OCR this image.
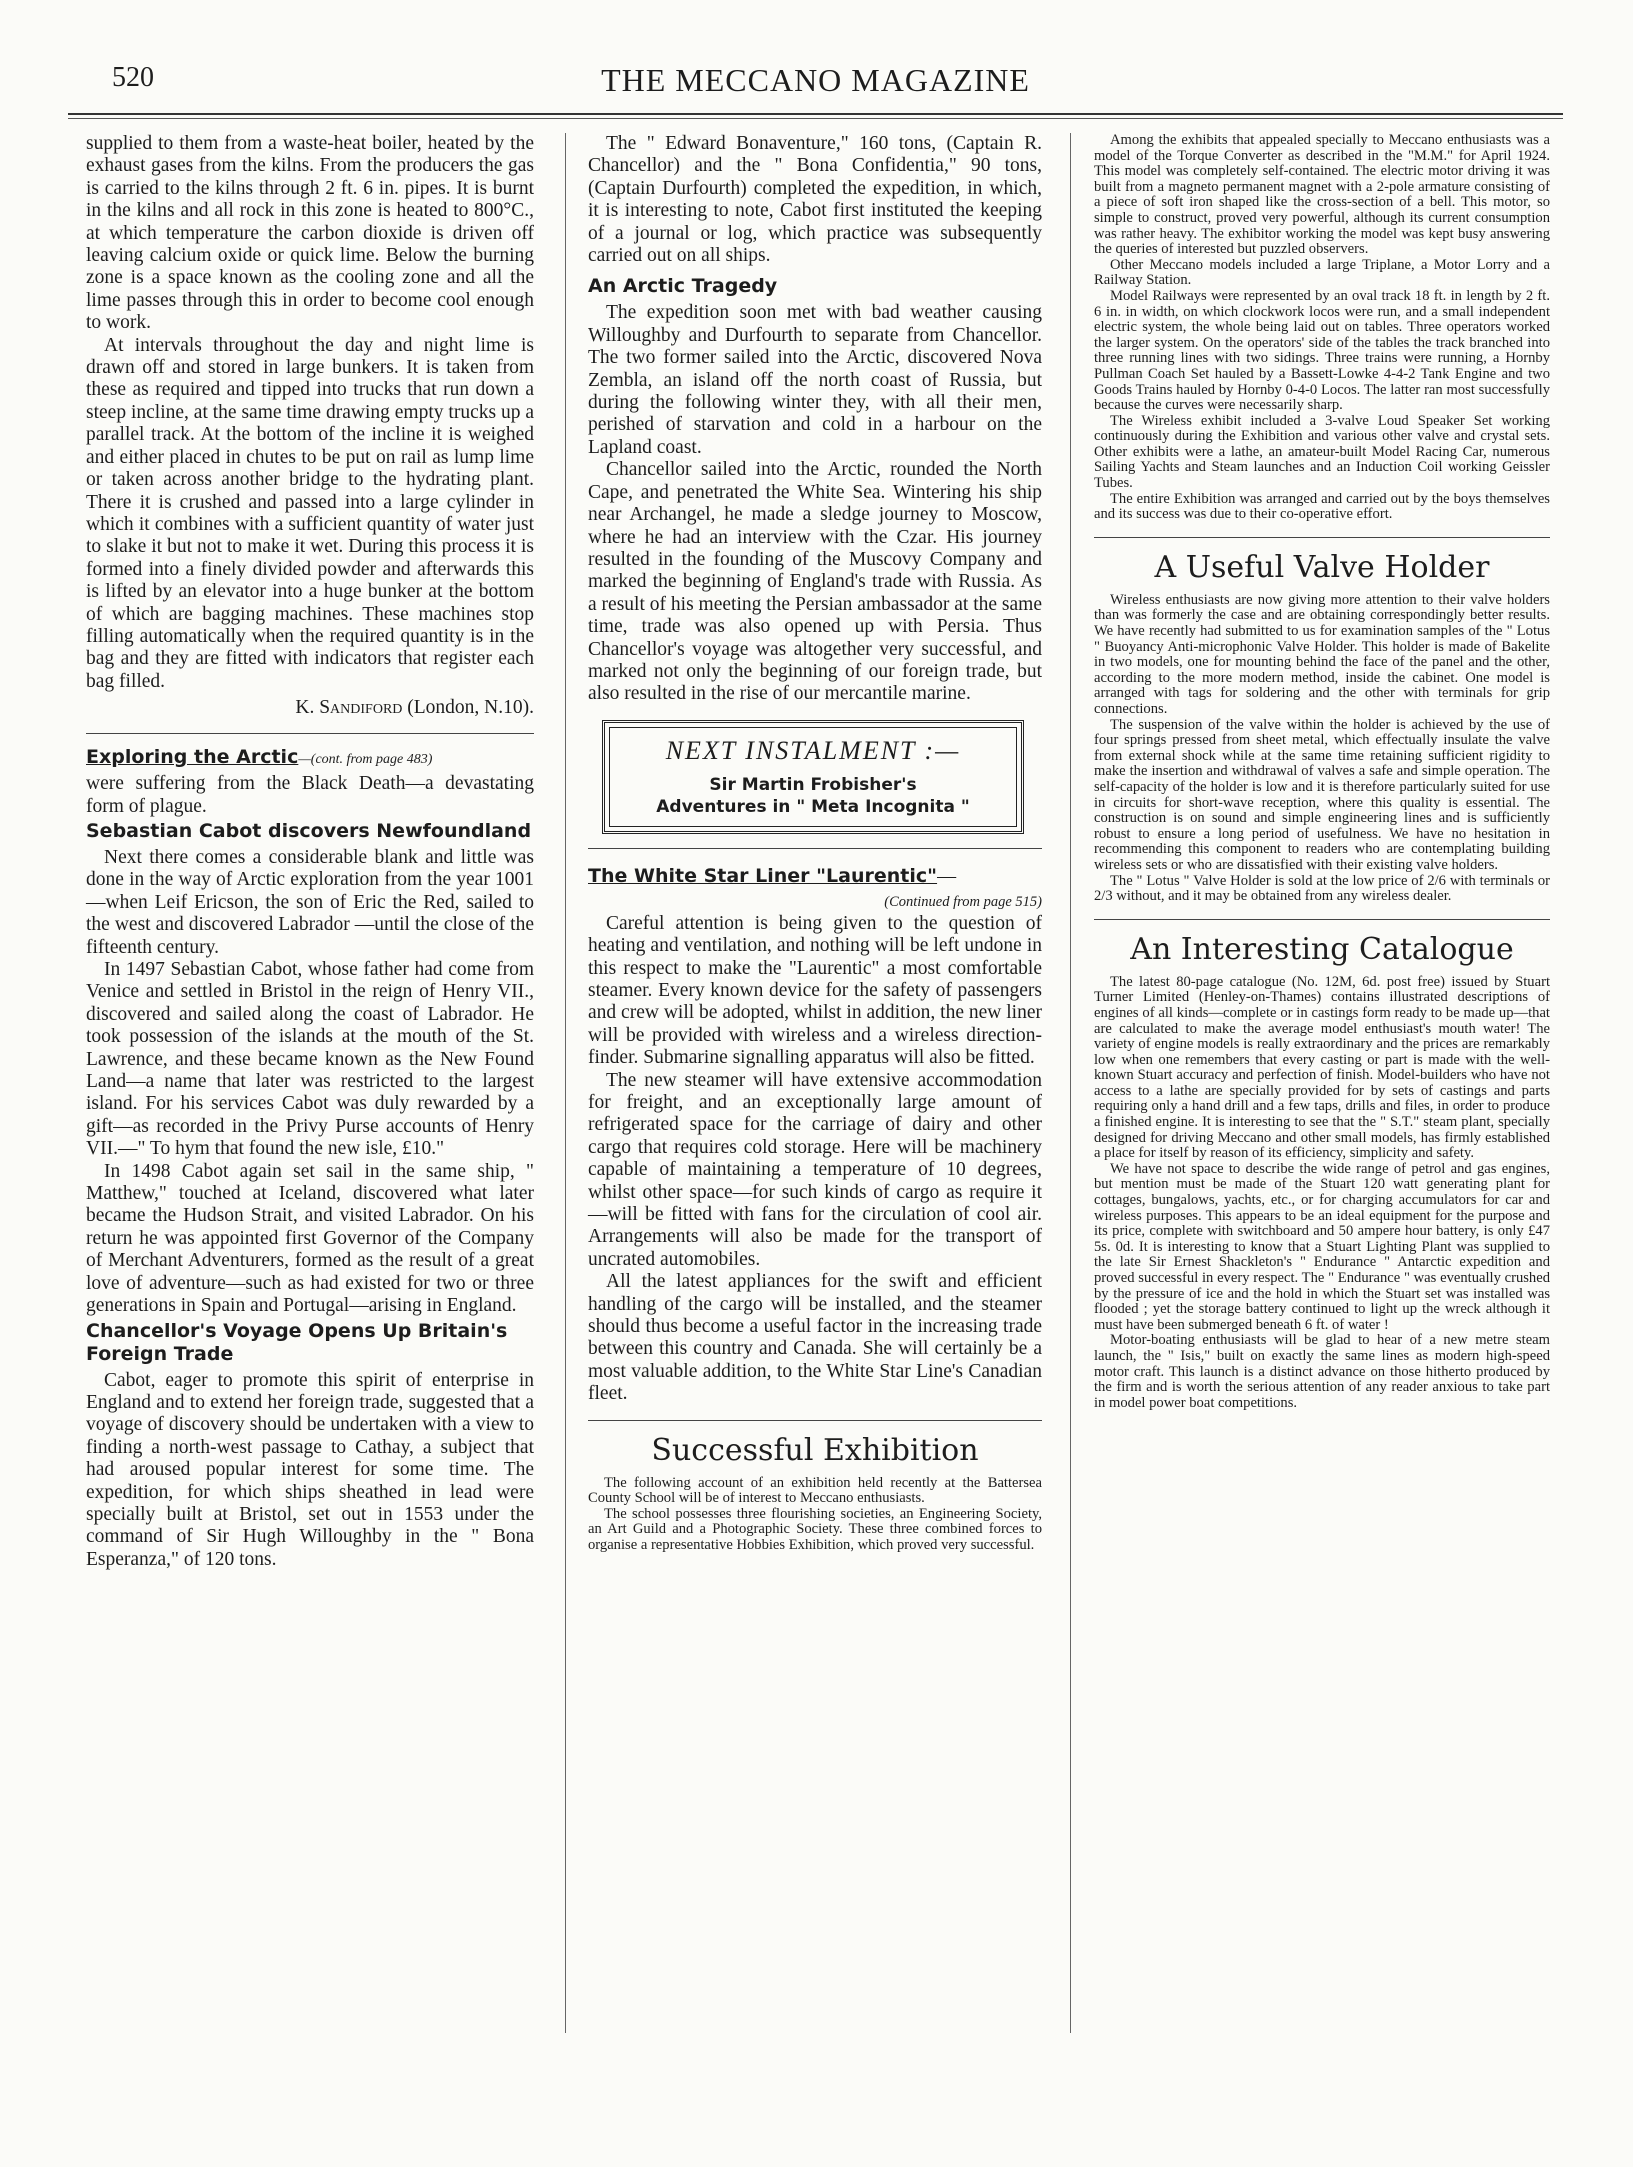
520	THE MECCANO MAGAZINE

supplied to them from a waste-heat boiler, heated by the exhaust gases from the kilns. From the producers the gas is carried to the kilns through 2 ft. 6 in. pipes. It is burnt in the kilns and all rock in this zone is heated to 800°C., at which temperature the carbon dioxide is driven off leaving calcium oxide or quick lime. Below the burning zone is a space known as the cooling zone and all the lime passes through this in order to become cool enough to work.

At intervals throughout the day and night lime is drawn off and stored in large bunkers. It is taken from these as required and tipped into trucks that run down a steep incline, at the same time drawing empty trucks up a parallel track. At the bottom of the incline it is weighed and either placed in chutes to be put on rail as lump lime or taken across another bridge to the hydrating plant. There it is crushed and passed into a large cylinder in which it combines with a sufficient quantity of water just to slake it but not to make it wet. During this process it is formed into a finely divided powder and afterwards this is lifted by an elevator into a huge bunker at the bottom of which are bagging machines. These machines stop filling automatically when the required quantity is in the bag and they are fitted with indicators that register each bag filled.

K. Sandiford (London, N.10).
Exploring the Arctic—(cont. from page 483)

were suffering from the Black Death—a devastating form of plague.

Sebastian Cabot discovers Newfoundland

Next there comes a considerable blank and little was done in the way of Arctic exploration from the year 1001—when Leif Ericson, the son of Eric the Red, sailed to the west and discovered Labrador —until the close of the fifteenth century.

In 1497 Sebastian Cabot, whose father had come from Venice and settled in Bristol in the reign of Henry VII., discovered and sailed along the coast of Labrador. He took possession of the islands at the mouth of the St. Lawrence, and these became known as the New Found Land—a name that later was restricted to the largest island. For his services Cabot was duly rewarded by a gift—as recorded in the Privy Purse accounts of Henry VII.—" To hym that found the new isle, £10."

In 1498 Cabot again set sail in the same ship, " Matthew," touched at Iceland, discovered what later became the Hudson Strait, and visited Labrador. On his return he was appointed first Governor of the Company of Merchant Adventurers, formed as the result of a great love of adventure—such as had existed for two or three generations in Spain and Portugal—arising in England.

Chancellor's Voyage Opens Up Britain's Foreign Trade

Cabot, eager to promote this spirit of enterprise in England and to extend her foreign trade, suggested that a voyage of discovery should be undertaken with a view to finding a north-west passage to Cathay, a subject that had aroused popular interest for some time. The expedition, for which ships sheathed in lead were specially built at Bristol, set out in 1553 under the command of Sir Hugh Willoughby in the " Bona Esperanza," of 120 tons.

The " Edward Bonaventure," 160 tons, (Captain R. Chancellor) and the " Bona Confidentia," 90 tons, (Captain Durfourth) completed the expedition, in which, it is interesting to note, Cabot first instituted the keeping of a journal or log, which practice was subsequently carried out on all ships.

An Arctic Tragedy

The expedition soon met with bad weather causing Willoughby and Durfourth to separate from Chancellor. The two former sailed into the Arctic, discovered Nova Zembla, an island off the north coast of Russia, but during the following winter they, with all their men, perished of starvation and cold in a harbour on the Lapland coast.

Chancellor sailed into the Arctic, rounded the North Cape, and penetrated the White Sea. Wintering his ship near Archangel, he made a sledge journey to Moscow, where he had an interview with the Czar. His journey resulted in the founding of the Muscovy Company and marked the beginning of England's trade with Russia. As a result of his meeting the Persian ambassador at the same time, trade was also opened up with Persia. Thus Chancellor's voyage was altogether very successful, and marked not only the beginning of our foreign trade, but also resulted in the rise of our mercantile marine.

NEXT INSTALMENT :—
Sir Martin Frobisher's
Adventures in " Meta Incognita "
The White Star Liner "Laurentic"—
(Continued from page 515)

Careful attention is being given to the question of heating and ventilation, and nothing will be left undone in this respect to make the "Laurentic" a most comfortable steamer. Every known device for the safety of passengers and crew will be adopted, whilst in addition, the new liner will be provided with wireless and a wireless direction-finder. Submarine signalling apparatus will also be fitted.

The new steamer will have extensive accommodation for freight, and an exceptionally large amount of refrigerated space for the carriage of dairy and other cargo that requires cold storage. Here will be machinery capable of maintaining a temperature of 10 degrees, whilst other space—for such kinds of cargo as require it—will be fitted with fans for the circulation of cool air. Arrangements will also be made for the transport of uncrated automobiles.

All the latest appliances for the swift and efficient handling of the cargo will be installed, and the steamer should thus become a useful factor in the increasing trade between this country and Canada. She will certainly be a most valuable addition, to the White Star Line's Canadian fleet.

Successful Exhibition

The following account of an exhibition held recently at the Battersea County School will be of interest to Meccano enthusiasts.

The school possesses three flourishing societies, an Engineering Society, an Art Guild and a Photographic Society. These three combined forces to organise a representative Hobbies Exhibition, which proved very successful.

Among the exhibits that appealed specially to Meccano enthusiasts was a model of the Torque Converter as described in the "M.M." for April 1924. This model was completely self-contained. The electric motor driving it was built from a magneto permanent magnet with a 2-pole armature consisting of a piece of soft iron shaped like the cross-section of a bell. This motor, so simple to construct, proved very powerful, although its current consumption was rather heavy. The exhibitor working the model was kept busy answering the queries of interested but puzzled observers.

Other Meccano models included a large Triplane, a Motor Lorry and a Railway Station.

Model Railways were represented by an oval track 18 ft. in length by 2 ft. 6 in. in width, on which clockwork locos were run, and a small independent electric system, the whole being laid out on tables. Three operators worked the larger system. On the operators' side of the tables the track branched into three running lines with two sidings. Three trains were running, a Hornby Pullman Coach Set hauled by a Bassett-Lowke 4-4-2 Tank Engine and two Goods Trains hauled by Hornby 0-4-0 Locos. The latter ran most successfully because the curves were necessarily sharp.

The Wireless exhibit included a 3-valve Loud Speaker Set working continuously during the Exhibition and various other valve and crystal sets. Other exhibits were a lathe, an amateur-built Model Racing Car, numerous Sailing Yachts and Steam launches and an Induction Coil working Geissler Tubes.

The entire Exhibition was arranged and carried out by the boys themselves and its success was due to their co-operative effort.

A Useful Valve Holder

Wireless enthusiasts are now giving more attention to their valve holders than was formerly the case and are obtaining correspondingly better results. We have recently had submitted to us for examination samples of the " Lotus " Buoyancy Anti-microphonic Valve Holder. This holder is made of Bakelite in two models, one for mounting behind the face of the panel and the other, according to the more modern method, inside the cabinet. One model is arranged with tags for soldering and the other with terminals for grip connections.

The suspension of the valve within the holder is achieved by the use of four springs pressed from sheet metal, which effectually insulate the valve from external shock while at the same time retaining sufficient rigidity to make the insertion and withdrawal of valves a safe and simple operation. The self-capacity of the holder is low and it is therefore particularly suited for use in circuits for short-wave reception, where this quality is essential. The construction is on sound and simple engineering lines and is sufficiently robust to ensure a long period of usefulness. We have no hesitation in recommending this component to readers who are contemplating building wireless sets or who are dissatisfied with their existing valve holders.

The " Lotus " Valve Holder is sold at the low price of 2/6 with terminals or 2/3 without, and it may be obtained from any wireless dealer.

An Interesting Catalogue

The latest 80-page catalogue (No. 12M, 6d. post free) issued by Stuart Turner Limited (Henley-on-Thames) contains illustrated descriptions of engines of all kinds—complete or in castings form ready to be made up—that are calculated to make the average model enthusiast's mouth water! The variety of engine models is really extraordinary and the prices are remarkably low when one remembers that every casting or part is made with the well-known Stuart accuracy and perfection of finish. Model-builders who have not access to a lathe are specially provided for by sets of castings and parts requiring only a hand drill and a few taps, drills and files, in order to produce a finished engine. It is interesting to see that the " S.T." steam plant, specially designed for driving Meccano and other small models, has firmly established a place for itself by reason of its efficiency, simplicity and safety.

We have not space to describe the wide range of petrol and gas engines, but mention must be made of the Stuart 120 watt generating plant for cottages, bungalows, yachts, etc., or for charging accumulators for car and wireless purposes. This appears to be an ideal equipment for the purpose and its price, complete with switchboard and 50 ampere hour battery, is only £47 5s. 0d. It is interesting to know that a Stuart Lighting Plant was supplied to the late Sir Ernest Shackleton's " Endurance " Antarctic expedition and proved successful in every respect. The " Endurance " was eventually crushed by the pressure of ice and the hold in which the Stuart set was installed was flooded ; yet the storage battery continued to light up the wreck although it must have been submerged beneath 6 ft. of water !

Motor-boating enthusiasts will be glad to hear of a new metre steam launch, the " Isis," built on exactly the same lines as modern high-speed motor craft. This launch is a distinct advance on those hitherto produced by the firm and is worth the serious attention of any reader anxious to take part in model power boat competitions.
